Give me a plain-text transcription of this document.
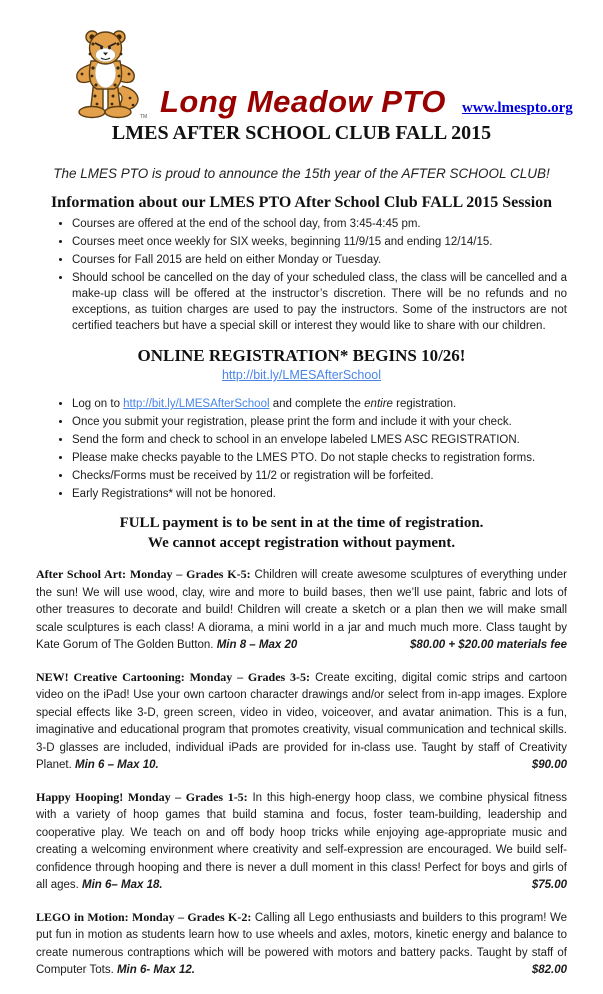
TM Long Meadow PTO www.lmespto.org
LMES AFTER SCHOOL CLUB FALL 2015
The LMES PTO is proud to announce the 15th year of the AFTER SCHOOL CLUB!
Information about our LMES PTO After School Club FALL 2015 Session
• Courses are offered at the end of the school day, from 3:45-4:45 pm.
• Courses meet once weekly for SIX weeks, beginning 11/9/15 and ending 12/14/15.
• Courses for Fall 2015 are held on either Monday or Tuesday.
• Should school be cancelled on the day of your scheduled class, the class will be cancelled and a make-up class will be offered at the instructor’s discretion. There will be no refunds and no exceptions, as tuition charges are used to pay the instructors. Some of the instructors are not certified teachers but have a special skill or interest they would like to share with our children.
ONLINE REGISTRATION* BEGINS 10/26!
http://bit.ly/LMESAfterSchool
• Log on to http://bit.ly/LMESAfterSchool and complete the entire registration.
• Once you submit your registration, please print the form and include it with your check.
• Send the form and check to school in an envelope labeled LMES ASC REGISTRATION.
• Please make checks payable to the LMES PTO. Do not staple checks to registration forms.
• Checks/Forms must be received by 11/2 or registration will be forfeited.
• Early Registrations* will not be honored.
FULL payment is to be sent in at the time of registration.
We cannot accept registration without payment.

After School Art: Monday – Grades K-5: Children will create awesome sculptures of everything under the sun! We will use wood, clay, wire and more to build bases, then we’ll use paint, fabric and lots of other treasures to decorate and build! Children will create a sketch or a plan then we will make small scale sculptures is each class! A diorama, a mini world in a jar and much much more. Class taught by Kate Gorum of The Golden Button. Min 8 – Max 20	$80.00 + $20.00 materials fee

NEW! Creative Cartooning: Monday – Grades 3-5: Create exciting, digital comic strips and cartoon video on the iPad! Use your own cartoon character drawings and/or select from in-app images. Explore special effects like 3-D, green screen, video in video, voiceover, and avatar animation. This is a fun, imaginative and educational program that promotes creativity, visual communication and technical skills. 3-D glasses are included, individual iPads are provided for in-class use. Taught by staff of Creativity Planet. Min 6 – Max 10.	$90.00

Happy Hooping! Monday – Grades 1-5: In this high-energy hoop class, we combine physical fitness with a variety of hoop games that build stamina and focus, foster team-building, leadership and cooperative play. We teach on and off body hoop tricks while enjoying age-appropriate music and creating a welcoming environment where creativity and self-expression are encouraged. We build self-confidence through hooping and there is never a dull moment in this class! Perfect for boys and girls of all ages. Min 6– Max 18.	$75.00

LEGO in Motion: Monday – Grades K-2: Calling all Lego enthusiasts and builders to this program! We put fun in motion as students learn how to use wheels and axles, motors, kinetic energy and balance to create numerous contraptions which will be powered with motors and battery packs. Taught by staff of Computer Tots. Min 6- Max 12.	$82.00
